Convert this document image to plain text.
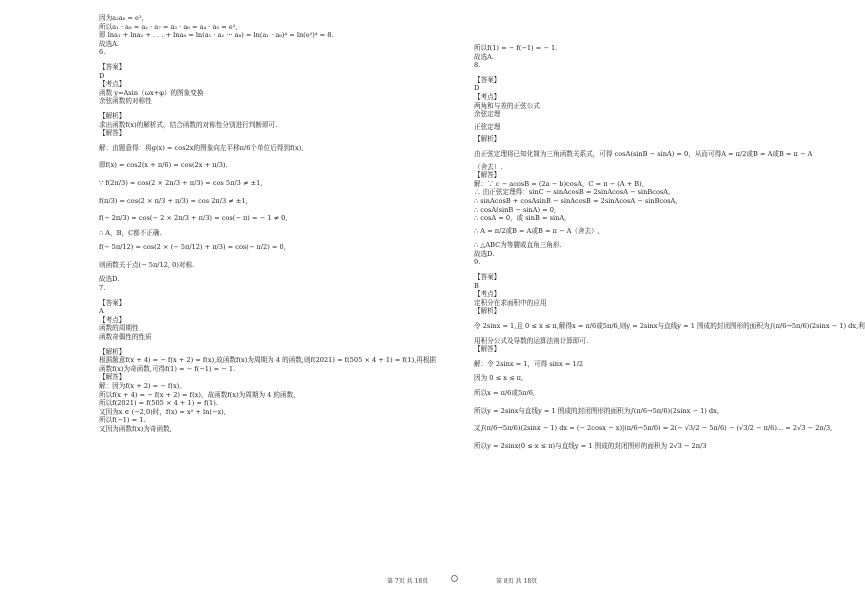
因为a₃a₆ = e²,
所以a₁ · a₈ = a₂ · a₇ = a₃ · a₆ = a₄ · a₅ = e²,
即 lna₁ + lna₂ + . . . + lna₈ = ln(a₁ · a₂ ··· a₈) = ln(a₁ · a₈)⁴ = ln(e²)⁴ = 8.
故选A.
6.
【答案】
D
【考点】
函数 y=Asin（ωx+φ）的图象变换
余弦函数的对称性
【解析】
求出函数f(x)的解析式，结合函数的对称性分别进行判断即可.
【解答】
解：由题意得：将g(x) = cos2x的图象向左平移π/6个单位后得到f(x),
即f(x) = cos2(x + π/6) = cos(2x + π/3).
∵ f(2π/3) = cos(2 × 2π/3 + π/3) = cos 5π/3 ≠ ±1,
f(π/3) = cos(2 × π/3 + π/3) = cos 2π/3 ≠ ±1,
f(− 2π/3) = cos(− 2 × 2π/3 + π/3) = cos(− π) = − 1 ≠ 0,
∴ A，B，C都不正确.
f(− 5π/12) = cos(2 × (− 5π/12) + π/3) = cos(− π/2) = 0,
则函数关于点(− 5π/12, 0)对称.
故选D.
7.
【答案】
A
【考点】
函数的周期性
函数奇偶性的性质
【解析】
根据题意f(x + 4) = − f(x + 2) = f(x),故函数f(x)为周期为 4 的函数,则f(2021) = f(505 × 4 + 1) = f(1),再根据
函数f(x)为奇函数,可得f(1) = − f(−1) = − 1.
【解答】
解：因为f(x + 2) = − f(x),
所以f(x + 4) = − f(x + 2) = f(x)，故函数f(x)为周期为 4 的函数,
所以f(2021) = f(505 × 4 + 1) = f(1).
又因为x ∈ (−2,0)时，f(x) = x² + ln(−x),
所以f(−1) = 1.
又因为函数f(x)为奇函数,
所以f(1) = − f(−1) = − 1.
故选A.
8.
【答案】
D
【考点】
两角和与差的正弦公式
余弦定理
正弦定理
【解析】
由正弦定理将已知化简为三角函数关系式，可得 cosA(sinB − sinA) = 0，从而可得A = π/2或B = A或B = π − A
（舍去）.
【解答】
解：∵ c − acosB = (2a − b)cosA，C = π − (A + B),
∴ 由正弦定理得：sinC − sinAcosB = 2sinAcosA − sinBcosA,
∴ sinAcosB + cosAsinB − sinAcosB = 2sinAcosA − sinBcosA,
∴ cosA(sinB − sinA) = 0,
∴ cosA = 0，或 sinB = sinA,
∴ A = π/2或B = A或B = π − A（舍去）,
∴ △ABC为等腰或直角三角形.
故选D.
9.
【答案】
B
【考点】
定积分在求面积中的应用
【解析】
令 2sinx = 1,且 0 ≤ x ≤ π,解得x = π/6或5π/6,则y = 2sinx与直线y = 1 围成的封闭图形的面积为∫(π/6→5π/6)(2sinx − 1) dx,利
用积分公式及导数的运算法则计算即可.
【解答】
解：令 2sinx = 1，可得 sinx = 1/2
因为 0 ≤ x ≤ π,
所以x = π/6或5π/6,
所以y = 2sinx与直线y = 1 围成的封闭图形的面积为∫(π/6→5π/6)(2sinx − 1) dx,
又∫(π/6→5π/6)(2sinx − 1) dx = (− 2cosx − x)|(π/6→5π/6) = 2(− √3/2 − 5π/6) − (√3/2 − π/6)... = 2√3 − 2π/3,
所以y = 2sinx(0 ≤ x ≤ π)与直线y = 1 围成的封闭图形的面积为 2√3 − 2π/3
第 7页 共 18页	第 8页 共 18页
